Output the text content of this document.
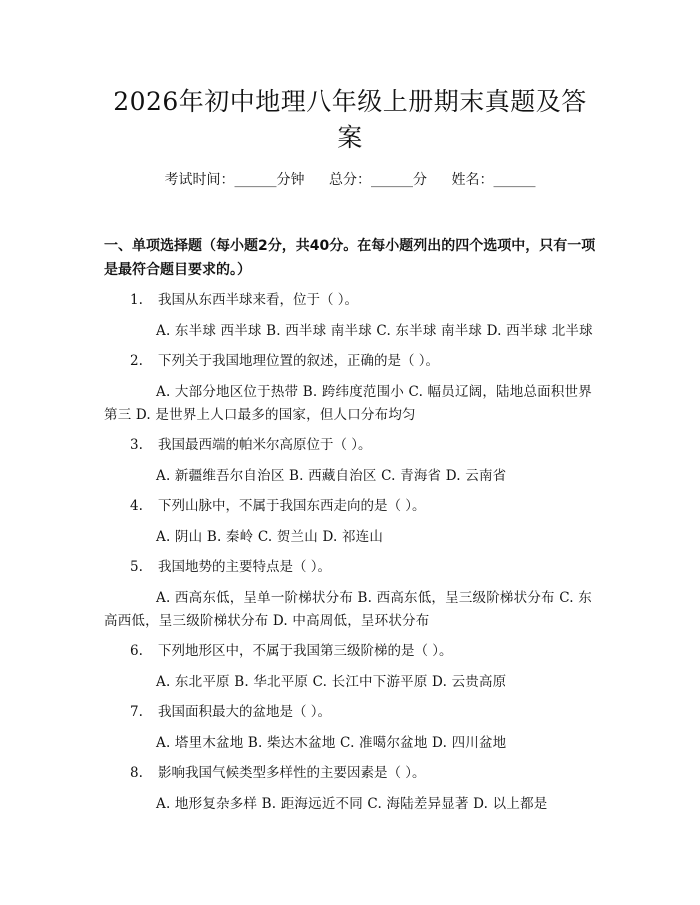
2026年初中地理八年级上册期末真题及答案
考试时间：______分钟 总分：______分 姓名：______
一、单项选择题（每小题2分，共40分。在每小题列出的四个选项中，只有一项是最符合题目要求的。）
1. 我国从东西半球来看，位于（ ）。
A. 东半球 西半球 B. 西半球 南半球 C. 东半球 南半球 D. 西半球 北半球
2. 下列关于我国地理位置的叙述，正确的是（ ）。
A. 大部分地区位于热带 B. 跨纬度范围小 C. 幅员辽阔，陆地总面积世界第三 D. 是世界上人口最多的国家，但人口分布均匀
3. 我国最西端的帕米尔高原位于（ ）。
A. 新疆维吾尔自治区 B. 西藏自治区 C. 青海省 D. 云南省
4. 下列山脉中，不属于我国东西走向的是（ ）。
A. 阴山 B. 秦岭 C. 贺兰山 D. 祁连山
5. 我国地势的主要特点是（ ）。
A. 西高东低，呈单一阶梯状分布 B. 西高东低，呈三级阶梯状分布 C. 东高西低，呈三级阶梯状分布 D. 中高周低，呈环状分布
6. 下列地形区中，不属于我国第三级阶梯的是（ ）。
A. 东北平原 B. 华北平原 C. 长江中下游平原 D. 云贵高原
7. 我国面积最大的盆地是（ ）。
A. 塔里木盆地 B. 柴达木盆地 C. 准噶尔盆地 D. 四川盆地
8. 影响我国气候类型多样性的主要因素是（ ）。
A. 地形复杂多样 B. 距海远近不同 C. 海陆差异显著 D. 以上都是
